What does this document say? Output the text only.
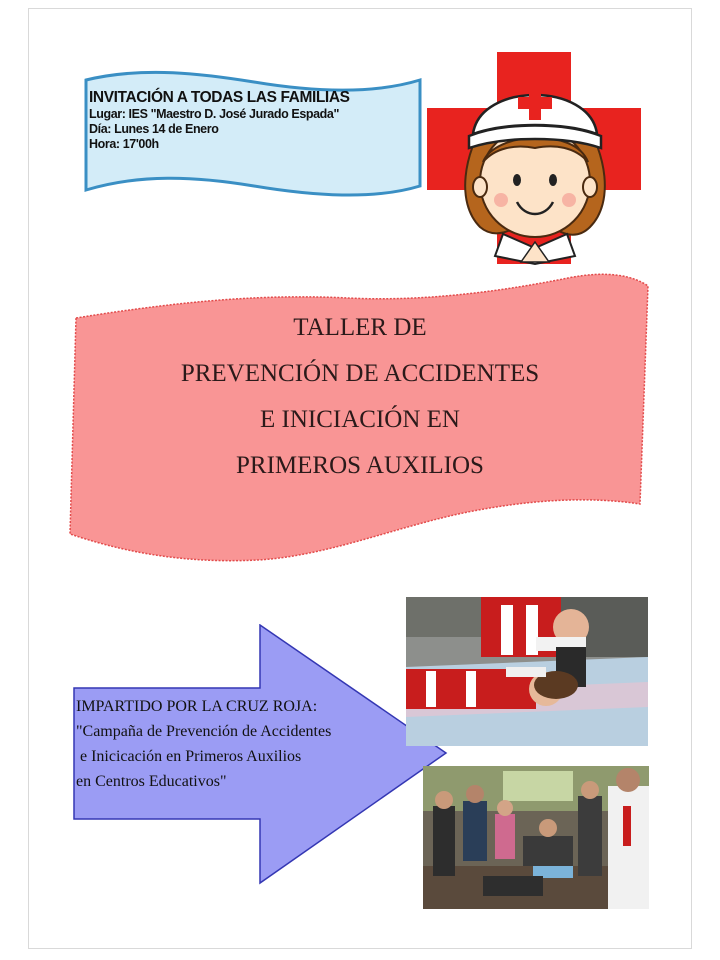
INVITACIÓN A TODAS LAS FAMILIAS
Lugar: IES "Maestro D. José Jurado Espada"
Día: Lunes 14 de Enero
Hora: 17'00h
TALLER DE
PREVENCIÓN DE ACCIDENTES
E INICIACIÓN EN
PRIMEROS AUXILIOS
IMPARTIDO POR LA CRUZ ROJA:
"Campaña de Prevención de Accidentes
e Inicicación en Primeros Auxilios
en Centros Educativos"
